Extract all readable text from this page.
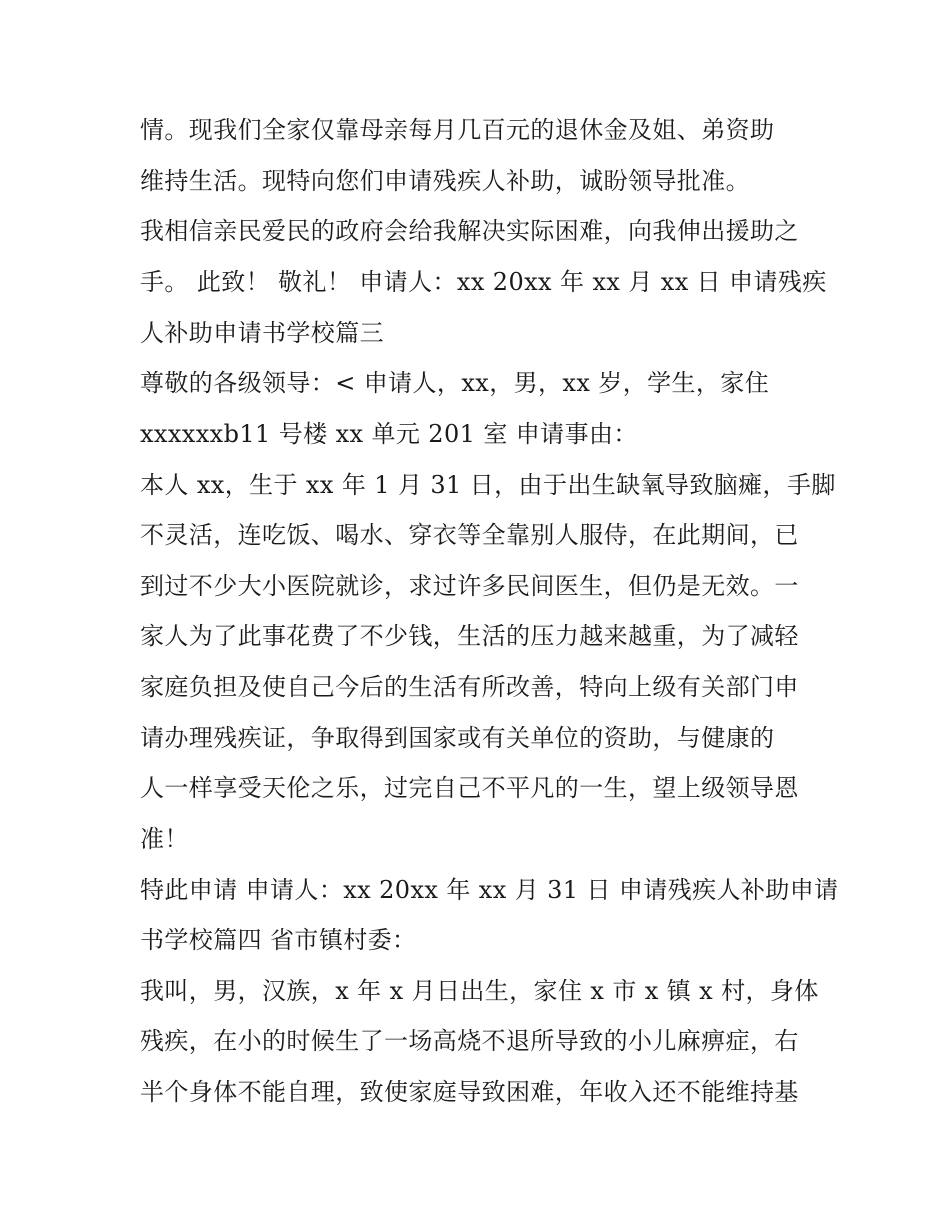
情。现我们全家仅靠母亲每月几百元的退休金及姐、弟资助
维持生活。现特向您们申请残疾人补助，诚盼领导批准。
我相信亲民爱民的政府会给我解决实际困难，向我伸出援助之
手。 此致！ 敬礼！ 申请人：xx 20xx 年 xx 月 xx 日 申请残疾
人补助申请书学校篇三
尊敬的各级领导：< 申请人，xx，男，xx 岁，学生，家住
xxxxxxb11 号楼 xx 单元 201 室 申请事由：
本人 xx，生于 xx 年 1 月 31 日，由于出生缺氧导致脑瘫，手脚
不灵活，连吃饭、喝水、穿衣等全靠别人服侍，在此期间，已
到过不少大小医院就诊，求过许多民间医生，但仍是无效。一
家人为了此事花费了不少钱，生活的压力越来越重，为了减轻
家庭负担及使自己今后的生活有所改善，特向上级有关部门申
请办理残疾证，争取得到国家或有关单位的资助，与健康的
人一样享受天伦之乐，过完自己不平凡的一生，望上级领导恩
准！
特此申请 申请人：xx 20xx 年 xx 月 31 日 申请残疾人补助申请
书学校篇四 省市镇村委：
我叫，男，汉族，x 年 x 月日出生，家住 x 市 x 镇 x 村，身体
残疾，在小的时候生了一场高烧不退所导致的小儿麻痹症，右
半个身体不能自理，致使家庭导致困难，年收入还不能维持基
